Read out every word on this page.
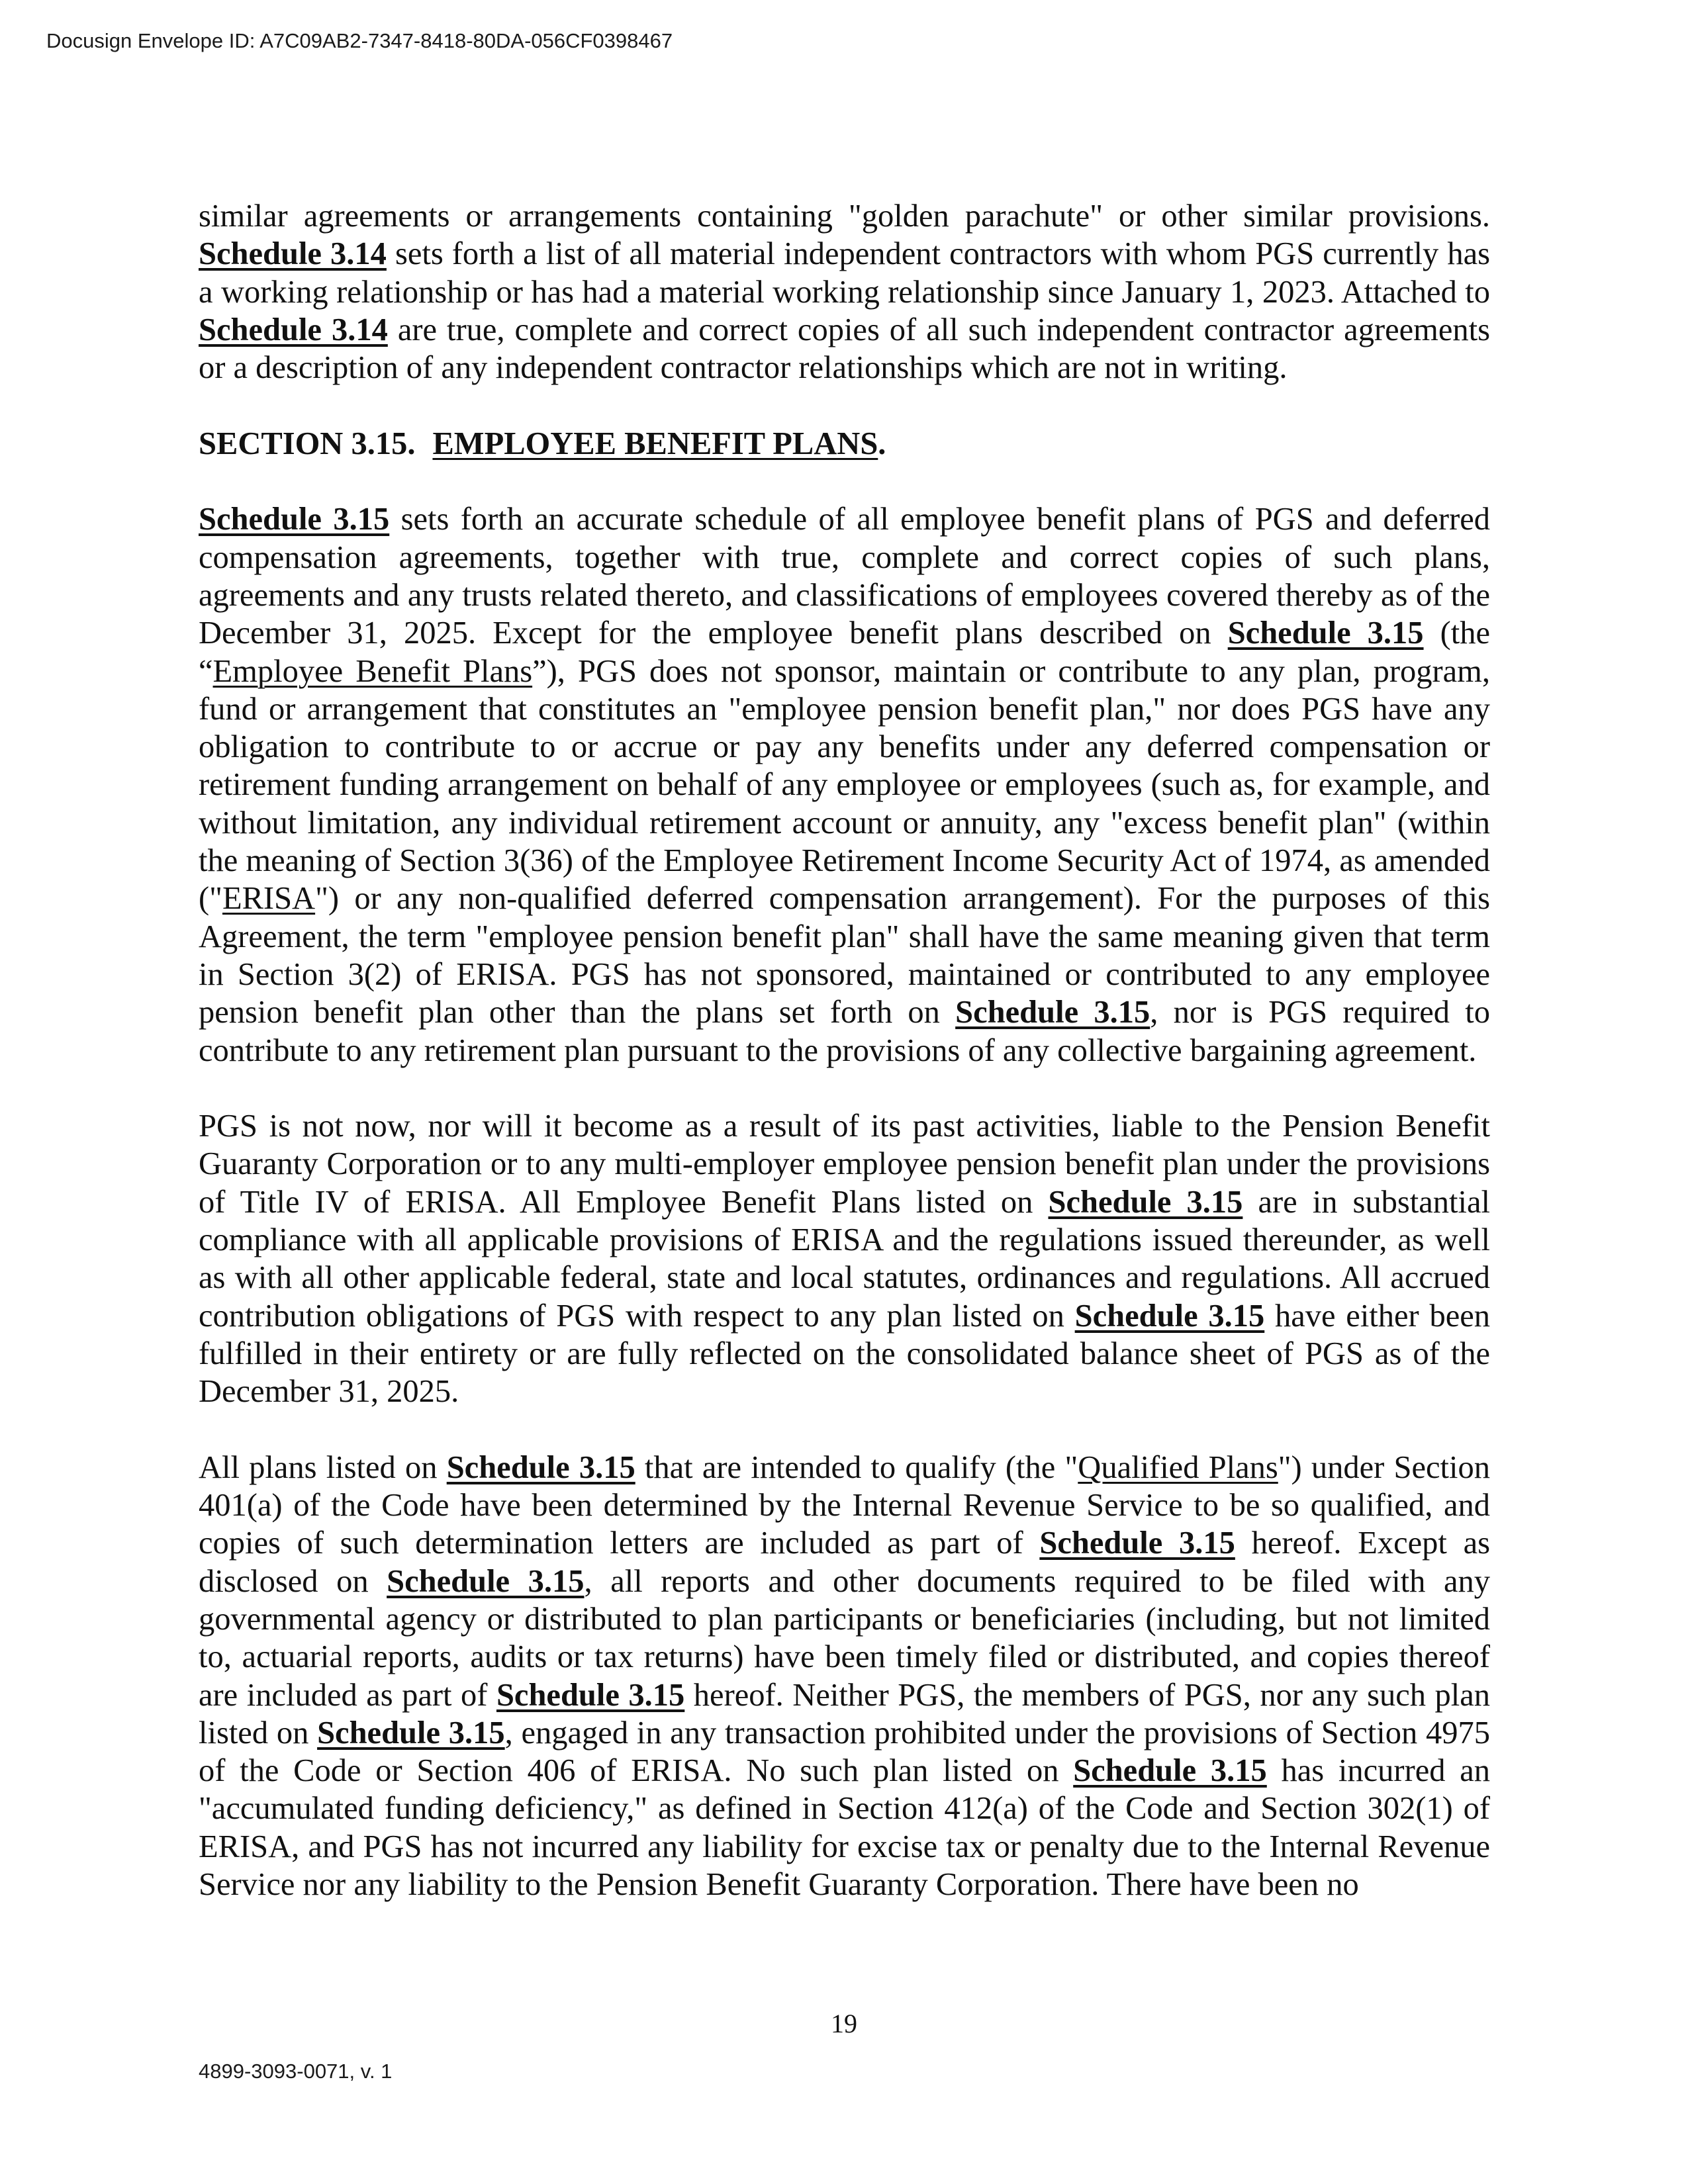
Docusign Envelope ID: A7C09AB2-7347-8418-80DA-056CF0398467

similar agreements or arrangements containing "golden parachute" or other similar provisions. Schedule 3.14 sets forth a list of all material independent contractors with whom PGS currently has a working relationship or has had a material working relationship since January 1, 2023. Attached to Schedule 3.14 are true, complete and correct copies of all such independent contractor agreements or a description of any independent contractor relationships which are not in writing.

SECTION 3.15. EMPLOYEE BENEFIT PLANS.

Schedule 3.15 sets forth an accurate schedule of all employee benefit plans of PGS and deferred compensation agreements, together with true, complete and correct copies of such plans, agreements and any trusts related thereto, and classifications of employees covered thereby as of the December 31, 2025. Except for the employee benefit plans described on Schedule 3.15 (the “Employee Benefit Plans”), PGS does not sponsor, maintain or contribute to any plan, program, fund or arrangement that constitutes an "employee pension benefit plan," nor does PGS have any obligation to contribute to or accrue or pay any benefits under any deferred compensation or retirement funding arrangement on behalf of any employee or employees (such as, for example, and without limitation, any individual retirement account or annuity, any "excess benefit plan" (within the meaning of Section 3(36) of the Employee Retirement Income Security Act of 1974, as amended ("ERISA") or any non-qualified deferred compensation arrangement). For the purposes of this Agreement, the term "employee pension benefit plan" shall have the same meaning given that term in Section 3(2) of ERISA. PGS has not sponsored, maintained or contributed to any employee pension benefit plan other than the plans set forth on Schedule 3.15, nor is PGS required to contribute to any retirement plan pursuant to the provisions of any collective bargaining agreement.

PGS is not now, nor will it become as a result of its past activities, liable to the Pension Benefit Guaranty Corporation or to any multi-employer employee pension benefit plan under the provisions of Title IV of ERISA. All Employee Benefit Plans listed on Schedule 3.15 are in substantial compliance with all applicable provisions of ERISA and the regulations issued thereunder, as well as with all other applicable federal, state and local statutes, ordinances and regulations. All accrued contribution obligations of PGS with respect to any plan listed on Schedule 3.15 have either been fulfilled in their entirety or are fully reflected on the consolidated balance sheet of PGS as of the December 31, 2025.

All plans listed on Schedule 3.15 that are intended to qualify (the "Qualified Plans") under Section 401(a) of the Code have been determined by the Internal Revenue Service to be so qualified, and copies of such determination letters are included as part of Schedule 3.15 hereof. Except as disclosed on Schedule 3.15, all reports and other documents required to be filed with any governmental agency or distributed to plan participants or beneficiaries (including, but not limited to, actuarial reports, audits or tax returns) have been timely filed or distributed, and copies thereof are included as part of Schedule 3.15 hereof. Neither PGS, the members of PGS, nor any such plan listed on Schedule 3.15, engaged in any transaction prohibited under the provisions of Section 4975 of the Code or Section 406 of ERISA. No such plan listed on Schedule 3.15 has incurred an "accumulated funding deficiency," as defined in Section 412(a) of the Code and Section 302(1) of ERISA, and PGS has not incurred any liability for excise tax or penalty due to the Internal Revenue Service nor any liability to the Pension Benefit Guaranty Corporation. There have been no

19
4899-3093-0071, v. 1
